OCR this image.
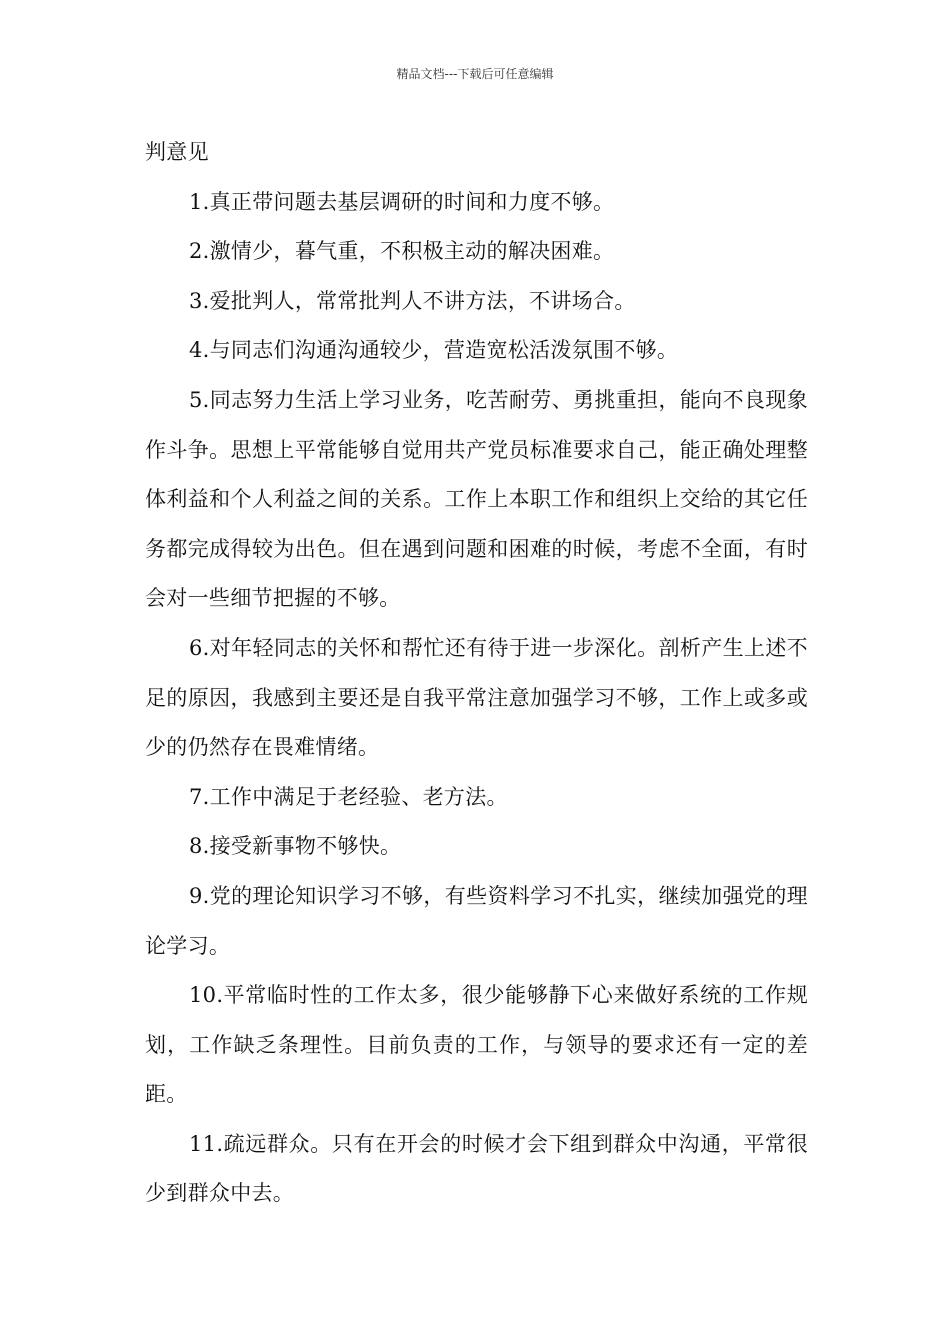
精品文档---下载后可任意编辑

判意见

1.真正带问题去基层调研的时间和力度不够。

2.激情少，暮气重，不积极主动的解决困难。

3.爱批判人，常常批判人不讲方法，不讲场合。

4.与同志们沟通沟通较少，营造宽松活泼氛围不够。

5.同志努力生活上学习业务，吃苦耐劳、勇挑重担，能向不良现象作斗争。思想上平常能够自觉用共产党员标准要求自己，能正确处理整体利益和个人利益之间的关系。工作上本职工作和组织上交给的其它任务都完成得较为出色。但在遇到问题和困难的时候，考虑不全面，有时会对一些细节把握的不够。

6.对年轻同志的关怀和帮忙还有待于进一步深化。剖析产生上述不足的原因，我感到主要还是自我平常注意加强学习不够，工作上或多或少的仍然存在畏难情绪。

7.工作中满足于老经验、老方法。

8.接受新事物不够快。

9.党的理论知识学习不够，有些资料学习不扎实，继续加强党的理论学习。

10.平常临时性的工作太多，很少能够静下心来做好系统的工作规划，工作缺乏条理性。目前负责的工作，与领导的要求还有一定的差距。

11.疏远群众。只有在开会的时候才会下组到群众中沟通，平常很少到群众中去。
